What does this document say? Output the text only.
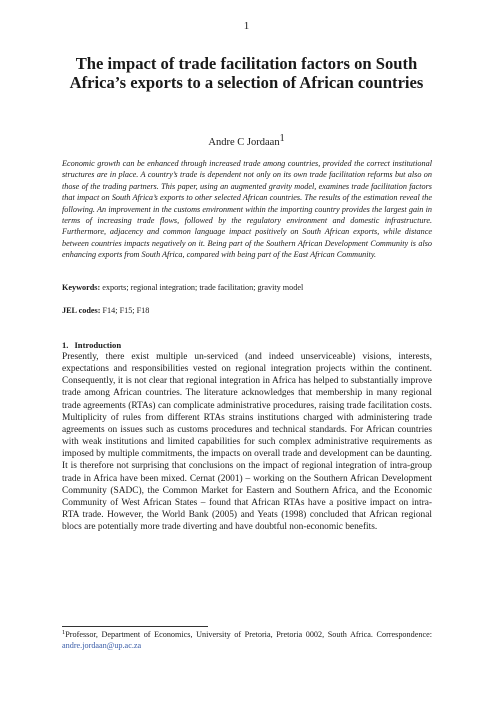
1
The impact of trade facilitation factors on South Africa’s exports to a selection of African countries
Andre C Jordaan$^1$

Economic growth can be enhanced through increased trade among countries, provided the correct institutional structures are in place. A country’s trade is dependent not only on its own trade facilitation reforms but also on those of the trading partners. This paper, using an augmented gravity model, examines trade facilitation factors that impact on South Africa’s exports to other selected African countries. The results of the estimation reveal the following. An improvement in the customs environment within the importing country provides the largest gain in terms of increasing trade flows, followed by the regulatory environment and domestic infrastructure. Furthermore, adjacency and common language impact positively on South African exports, while distance between countries impacts negatively on it. Being part of the Southern African Development Community is also enhancing exports from South Africa, compared with being part of the East African Community.

Keywords: exports; regional integration; trade facilitation; gravity model
JEL codes: F14; F15; F18
1. Introduction

Presently, there exist multiple un-serviced (and indeed unserviceable) visions, interests, expectations and responsibilities vested on regional integration projects within the continent. Consequently, it is not clear that regional integration in Africa has helped to substantially improve trade among African countries. The literature acknowledges that membership in many regional trade agreements (RTAs) can complicate administrative procedures, raising trade facilitation costs. Multiplicity of rules from different RTAs strains institutions charged with administering trade agreements on issues such as customs procedures and technical standards. For African countries with weak institutions and limited capabilities for such complex administrative requirements as imposed by multiple commitments, the impacts on overall trade and development can be daunting. It is therefore not surprising that conclusions on the impact of regional integration of intra-group trade in Africa have been mixed. Cernat (2001) – working on the Southern African Development Community (SADC), the Common Market for Eastern and Southern Africa, and the Economic Community of West African States – found that African RTAs have a positive impact on intra-RTA trade. However, the World Bank (2005) and Yeats (1998) concluded that African regional blocs are potentially more trade diverting and have doubtful non-economic benefits.

$^1$Professor, Department of Economics, University of Pretoria, Pretoria 0002, South Africa. Correspondence: andre.jordaan@up.ac.za
